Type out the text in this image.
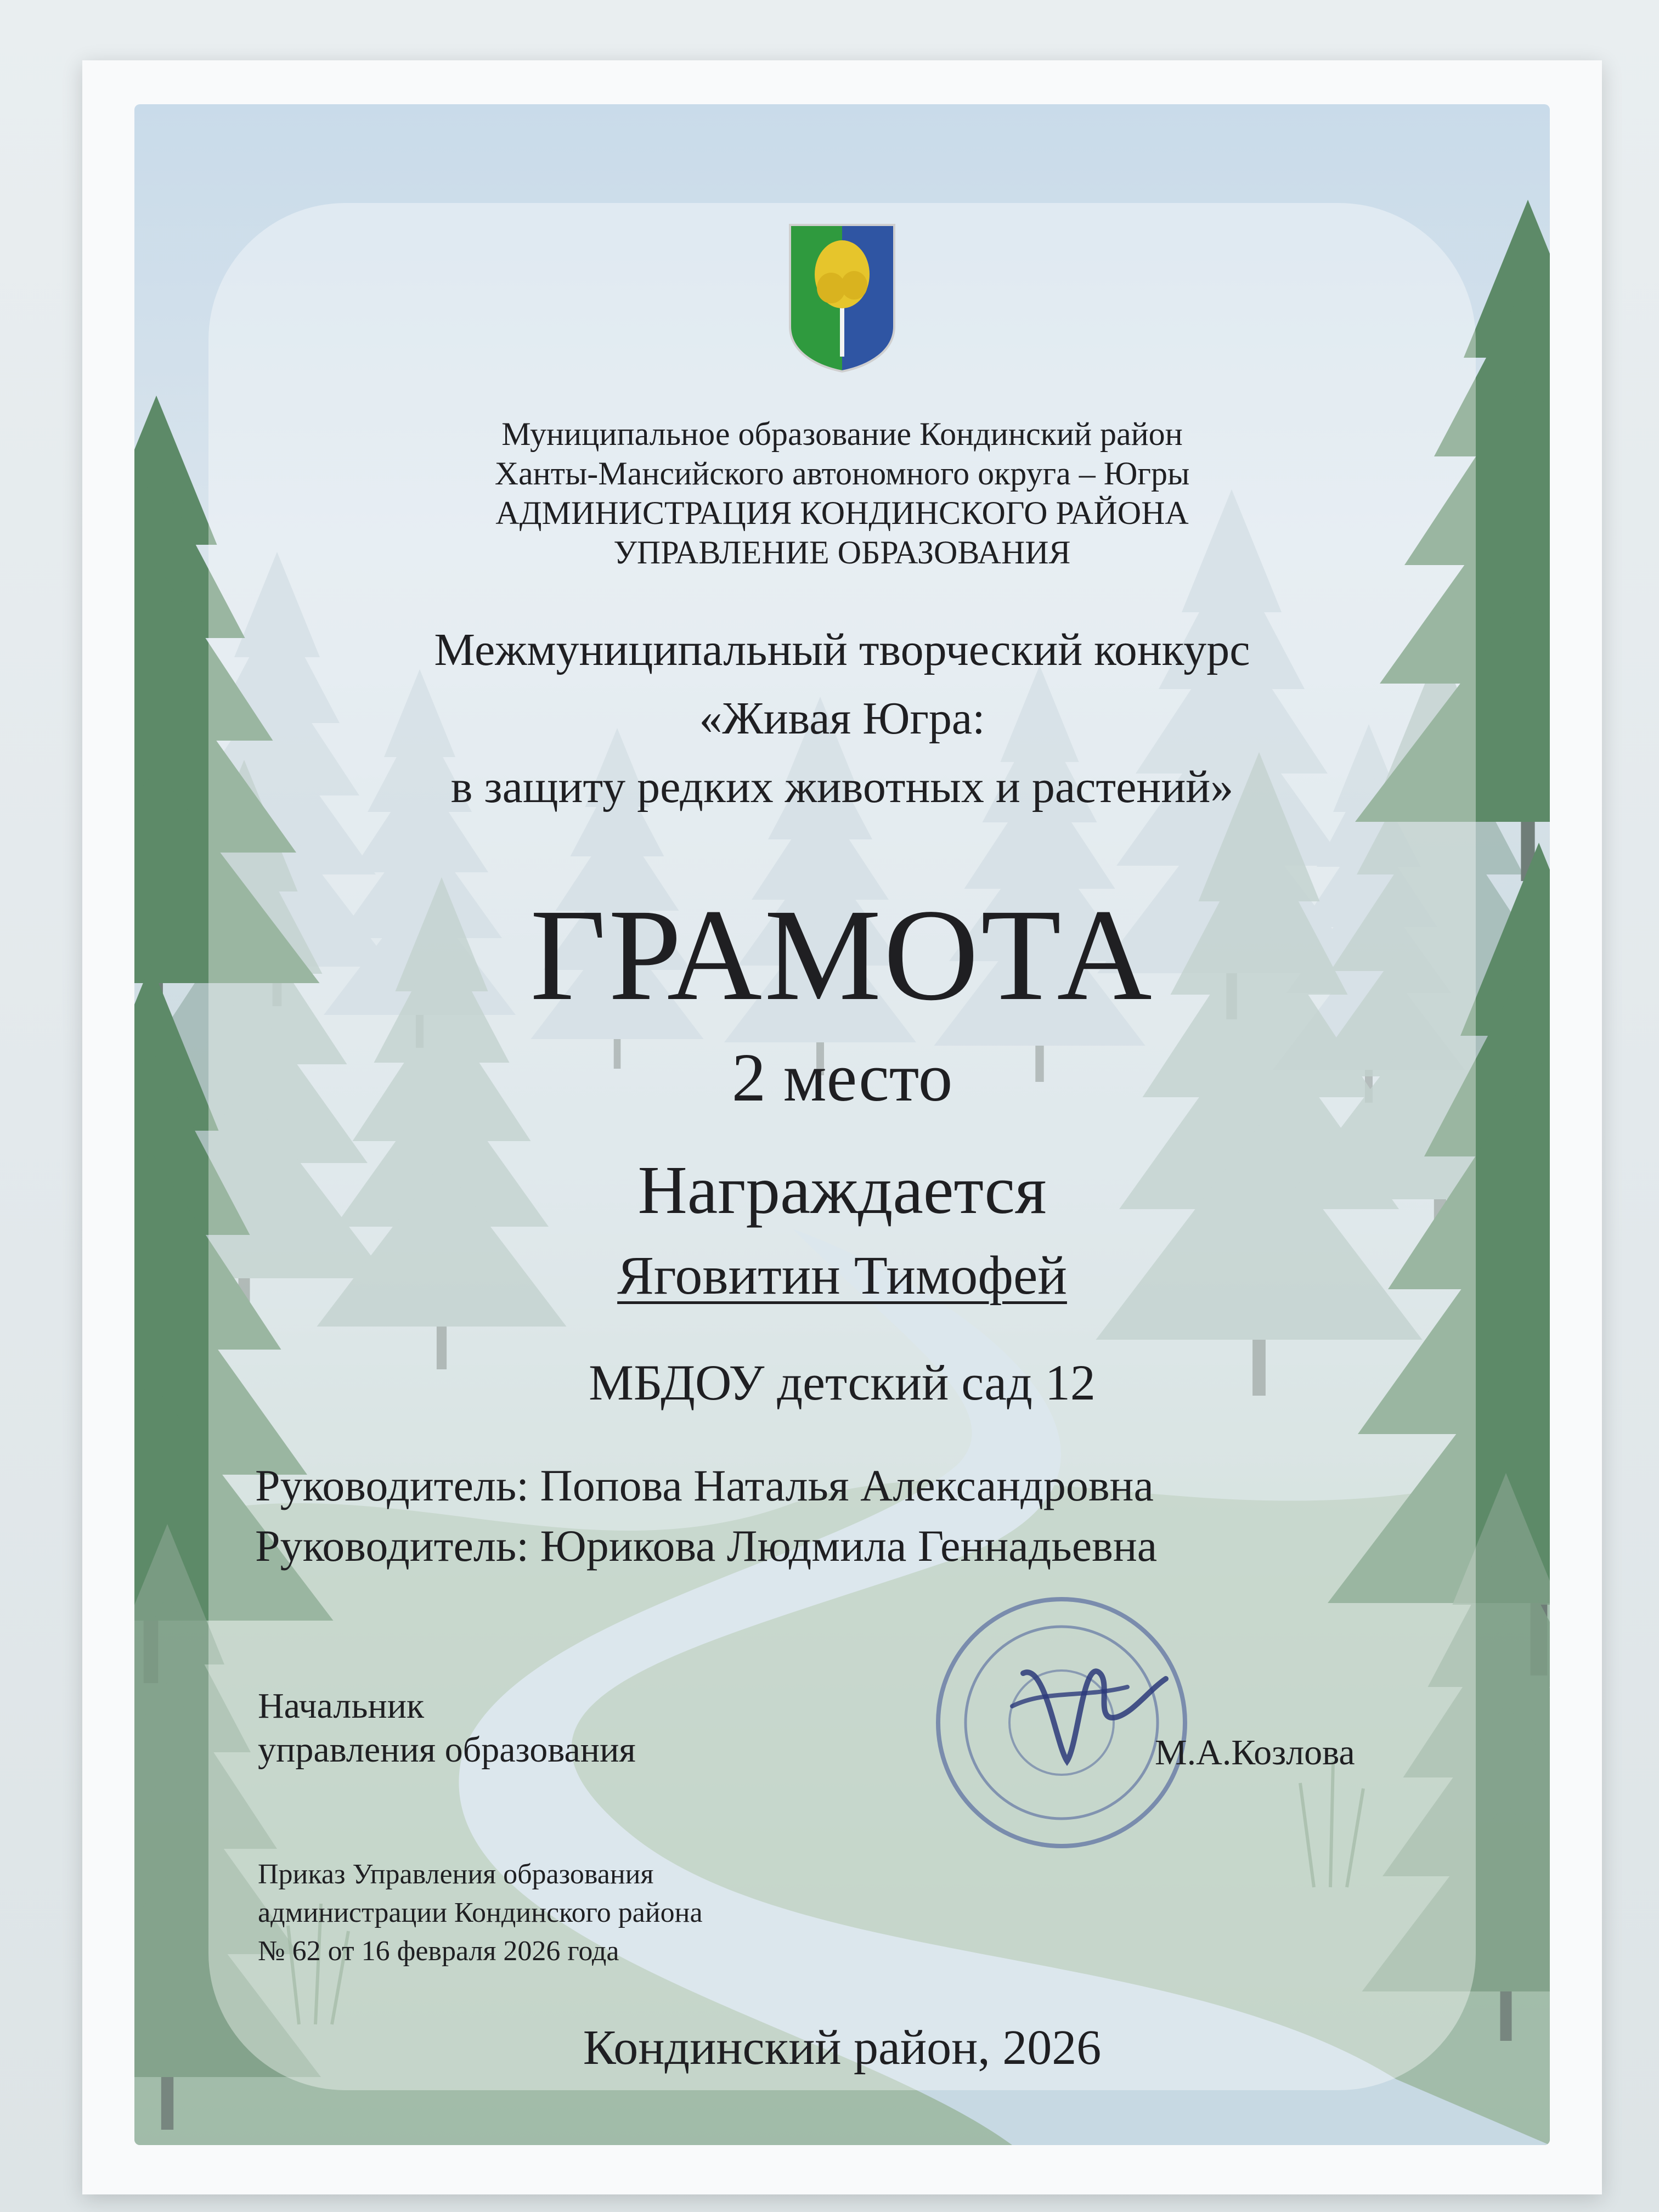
Муниципальное образование Кондинский район
Ханты-Мансийского автономного округа – Югры
АДМИНИСТРАЦИЯ КОНДИНСКОГО РАЙОНА
УПРАВЛЕНИЕ ОБРАЗОВАНИЯ
Межмуниципальный творческий конкурс
«Живая Югра:
в защиту редких животных и растений»
ГРАМОТА
2 место
Награждается
Яговитин Тимофей
МБДОУ детский сад 12
Руководитель: Попова Наталья Александровна
Руководитель: Юрикова Людмила Геннадьевна
Начальник
управления образования	М.А.Козлова
Приказ Управления образования
администрации Кондинского района
№ 62 от 16 февраля 2026 года
Кондинский район, 2026
